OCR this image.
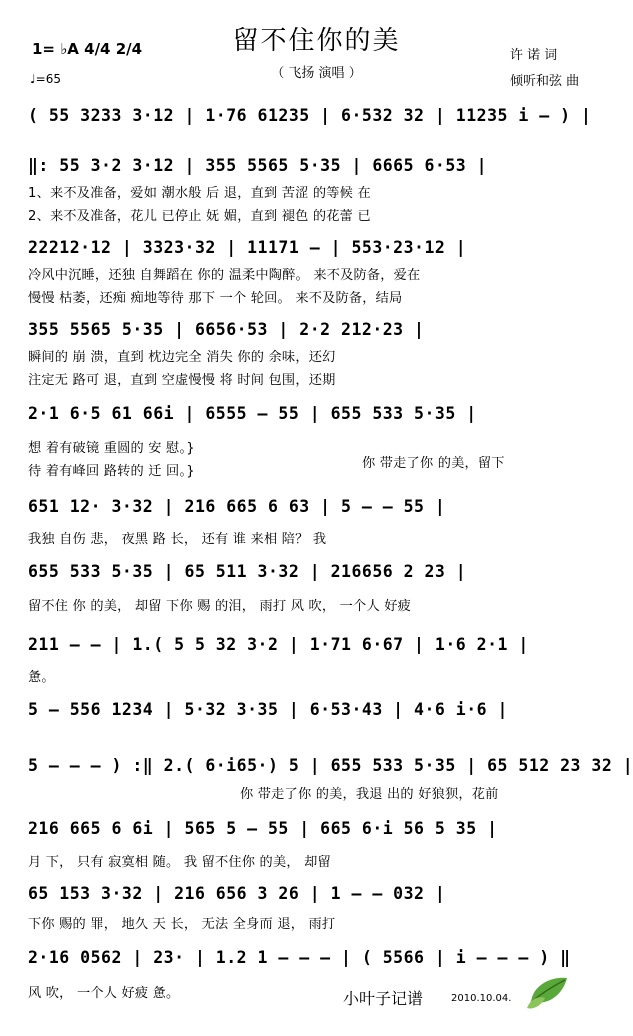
留不住你的美
（ 飞扬 演唱 ）
1= ♭A 4/4 2/4
♩=65
许 诺 词
倾听和弦 曲
( 55 3233 3·12 | 1·76 61235 | 6·532 32 | 11235 i – ) |
‖: 55 3·2 3·12 | 355 5565 5·35 | 6665 6·53 |
1、来不及准备，爱如 潮水般 后 退，直到 苦涩 的等候 在
2、来不及准备，花儿 已停止 妩 媚，直到 褪色 的花蕾 已
22212·12 | 3323·32 | 11171 – | 553·23·12 |
冷风中沉睡，还独 自舞蹈在 你的 温柔中陶醉。 来不及防备，爱在
慢慢 枯萎，还痴 痴地等待 那下 一个 轮回。 来不及防备，结局
355 5565 5·35 | 6656·53 | 2·2 212·23 |
瞬间的 崩 溃，直到 枕边完全 消失 你的 余味，还幻
注定无 路可 退，直到 空虚慢慢 将 时间 包围，还期
2·1 6·5 61 66i | 6555 – 55 | 655 533 5·35 |
想 着有破镜 重圆的 安 慰。}
待 着有峰回 路转的 迁 回。}
你 带走了你 的美，留下
651 12· 3·32 | 216 665 6 63 | 5 – – 55 |
我独 自伤 悲， 夜黑 路 长， 还有 谁 来相 陪？ 我
655 533 5·35 | 65 511 3·32 | 216656 2 23 |
留不住 你 的美， 却留 下你 赐 的泪， 雨打 风 吹， 一个人 好疲
211 – – | 1.( 5 5 32 3·2 | 1·71 6·67 | 1·6 2·1 |
惫。
5 – 556 1234 | 5·32 3·35 | 6·53·43 | 4·6 i·6 |
5 – – – ) :‖ 2.( 6·i65·) 5 | 655 533 5·35 | 65 512 23 32 |
你 带走了你 的美，我退 出的 好狼狈，花前
216 665 6 6i | 565 5 – 55 | 665 6·i 56 5 35 |
月 下， 只有 寂寞相 随。 我 留不住你 的美， 却留
65 153 3·32 | 216 656 3 26 | 1 – – 032 |
下你 赐的 罪， 地久 天 长， 无法 全身而 退， 雨打
2·16 0562 | 23· | 1.2 1 – – – | ( 5566 | i – – – ) ‖
风 吹， 一个人 好疲 惫。	小叶子记谱	2010.10.04.
